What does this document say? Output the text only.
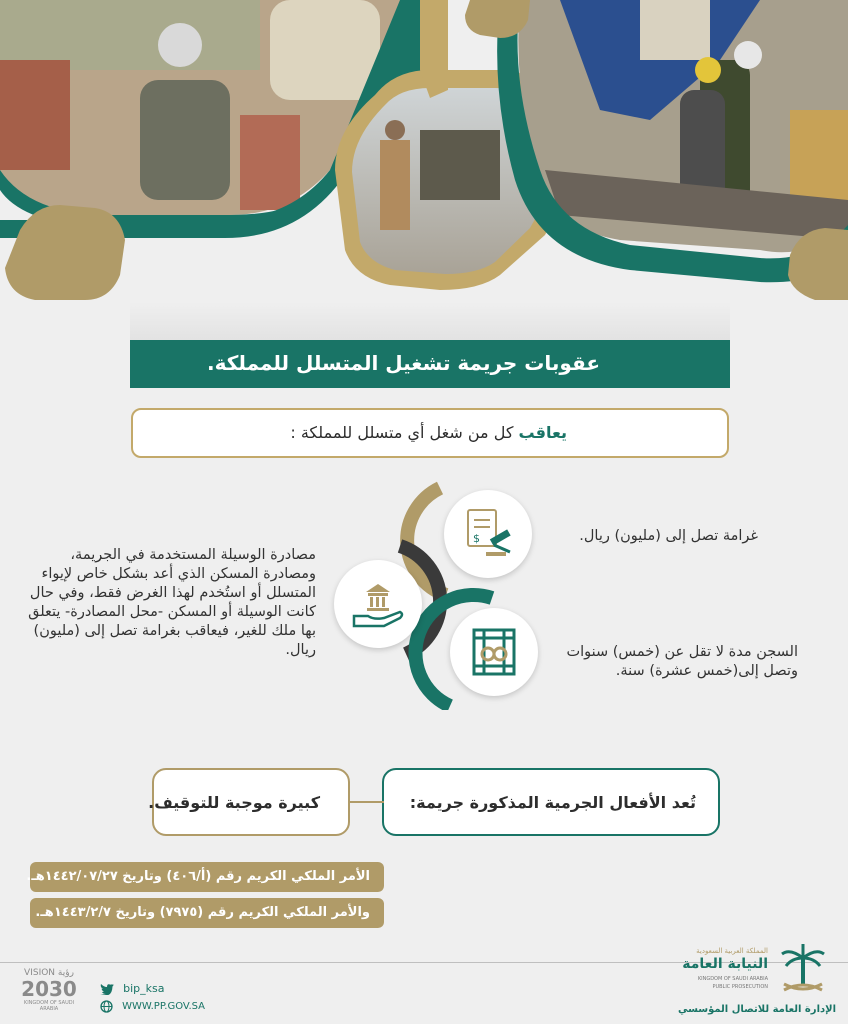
عقوبات جريمة تشغيل المتسلل للمملكة.
يعاقب كل من شغل أي متسلل للمملكة :
$	غرامة تصل إلى (مليون) ريال.
السجن مدة لا تقل عن (خمس) سنوات وتصل إلى(خمس عشرة) سنة.
مصادرة الوسيلة المستخدمة في الجريمة، ومصادرة المسكن الذي أعد بشكل خاص لإيواء المتسلل أو استُخدم لهذا الغرض فقط، وفي حال كانت الوسيلة أو المسكن -محل المصادرة- يتعلق بها ملك للغير، فيعاقب بغرامة تصل إلى (مليون) ريال.
تُعد الأفعال الجرمية المذكورة جريمة:
كبيرة موجبة للتوقيف.
الأمر الملكي الكريم رقم (أ/٤٠٦) وتاريخ ١٤٤٢/٠٧/٢٧هـ.
والأمر الملكي الكريم رقم (٧٩٧٥) وتاريخ ١٤٤٣/٢/٧هـ.
VISION رؤية
2030
KINGDOM OF SAUDI ARABIA
bip_ksa
WWW.PP.GOV.SA
المملكة العربية السعودية
النيابة العامة
KINGDOM OF SAUDI ARABIA
PUBLIC PROSECUTION
الإدارة العامة للاتصال المؤسسي
